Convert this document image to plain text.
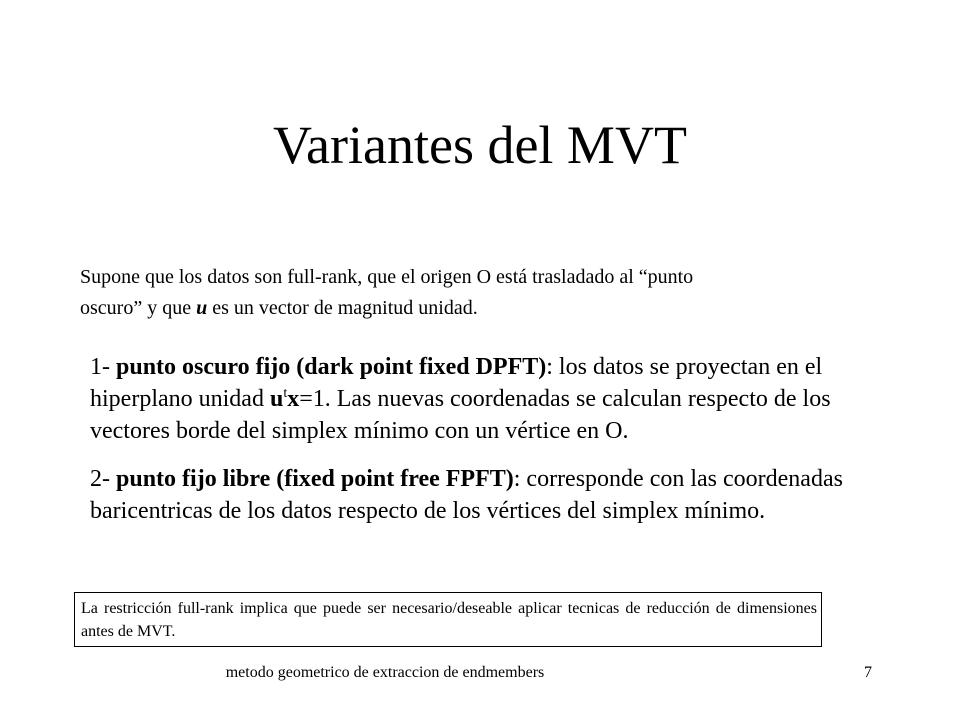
Variantes del MVT
Supone que los datos son full-rank, que el origen O está trasladado al “punto
oscuro” y que u es un vector de magnitud unidad.
1- punto oscuro fijo (dark point fixed DPFT): los datos se proyectan en el hiperplano unidad $u^tx=1$. Las nuevas coordenadas se calculan respecto de los vectores borde del simplex mínimo con un vértice en O.
2- punto fijo libre (fixed point free FPFT): corresponde con las coordenadas baricentricas de los datos respecto de los vértices del simplex mínimo.
La restricción full-rank implica que puede ser necesario/deseable aplicar tecnicas de reducción de dimensiones antes de MVT.
metodo geometrico de extraccion de endmembers	7
